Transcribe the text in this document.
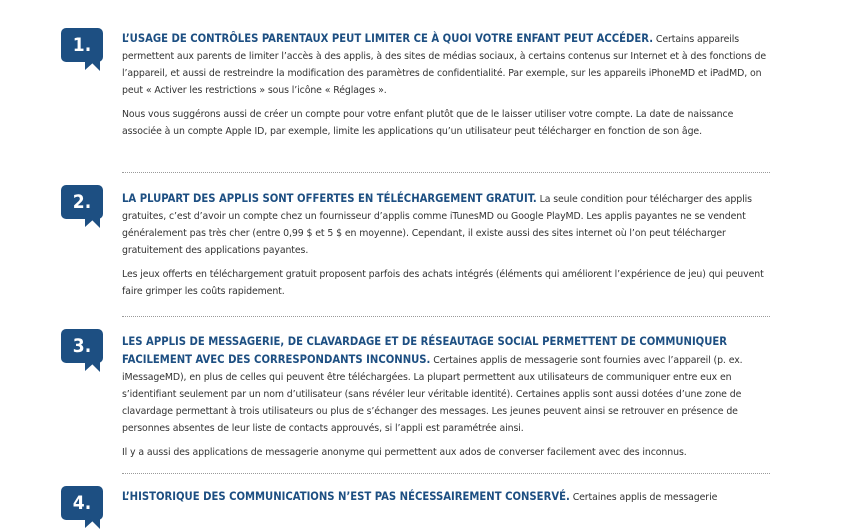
1.	L’USAGE DE CONTRÔLES PARENTAUX PEUT LIMITER CE À QUOI VOTRE ENFANT PEUT ACCÉDER. Certains appareils permettent aux parents de limiter l’accès à des applis, à des sites de médias sociaux, à certains contenus sur Internet et à des fonctions de l’appareil, et aussi de restreindre la modification des paramètres de confidentialité. Par exemple, sur les appareils iPhoneMD et iPadMD, on peut « Activer les restrictions » sous l’icône « Réglages ».

Nous vous suggérons aussi de créer un compte pour votre enfant plutôt que de le laisser utiliser votre compte. La date de naissance associée à un compte Apple ID, par exemple, limite les applications qu’un utilisateur peut télécharger en fonction de son âge.

2.	LA PLUPART DES APPLIS SONT OFFERTES EN TÉLÉCHARGEMENT GRATUIT. La seule condition pour télécharger des applis gratuites, c’est d’avoir un compte chez un fournisseur d’applis comme iTunesMD ou Google PlayMD. Les applis payantes ne se vendent généralement pas très cher (entre 0,99 $ et 5 $ en moyenne). Cependant, il existe aussi des sites internet où l’on peut télécharger gratuitement des applications payantes.

Les jeux offerts en téléchargement gratuit proposent parfois des achats intégrés (éléments qui améliorent l’expérience de jeu) qui peuvent faire grimper les coûts rapidement.

3.	LES APPLIS DE MESSAGERIE, DE CLAVARDAGE ET DE RÉSEAUTAGE SOCIAL PERMETTENT DE COMMUNIQUER FACILEMENT AVEC DES CORRESPONDANTS INCONNUS. Certaines applis de messagerie sont fournies avec l’appareil (p. ex. iMessageMD), en plus de celles qui peuvent être téléchargées. La plupart permettent aux utilisateurs de communiquer entre eux en s’identifiant seulement par un nom d’utilisateur (sans révéler leur véritable identité). Certaines applis sont aussi dotées d’une zone de clavardage permettant à trois utilisateurs ou plus de s’échanger des messages. Les jeunes peuvent ainsi se retrouver en présence de personnes absentes de leur liste de contacts approuvés, si l’appli est paramétrée ainsi.

Il y a aussi des applications de messagerie anonyme qui permettent aux ados de converser facilement avec des inconnus.

4.	L’HISTORIQUE DES COMMUNICATIONS N’EST PAS NÉCESSAIREMENT CONSERVÉ. Certaines applis de messagerie
